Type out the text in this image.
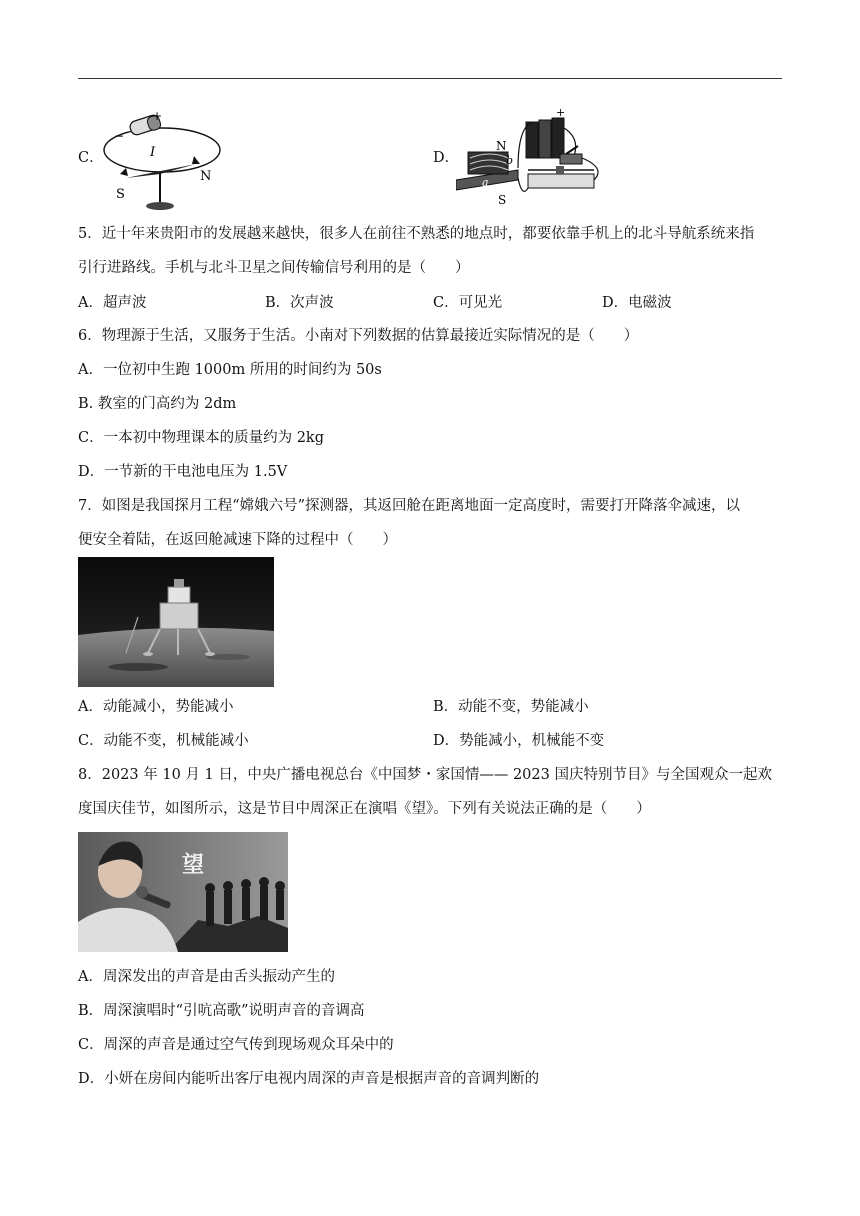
C．
+
−
I
S
N
D．
N
S
a
b
+
5．近十年来贵阳市的发展越来越快，很多人在前往不熟悉的地点时，都要依靠手机上的北斗导航系统来指
引行进路线。手机与北斗卫星之间传输信号利用的是（　　）
A．超声波	B．次声波	C．可见光	D．电磁波
6．物理源于生活，又服务于生活。小南对下列数据的估算最接近实际情况的是（　　）
A．一位初中生跑 1000m 所用的时间约为 50s
B. 教室的门高约为 2dm
C．一本初中物理课本的质量约为 2kg
D．一节新的干电池电压为 1.5V
7．如图是我国探月工程“嫦娥六号”探测器，其返回舱在距离地面一定高度时，需要打开降落伞减速，以
便安全着陆，在返回舱减速下降的过程中（　　）
A．动能减小，势能减小	B．动能不变，势能减小
C．动能不变，机械能减小	D．势能减小，机械能不变
8．2023 年 10 月 1 日，中央广播电视总台《中国梦・家国情—— 2023 国庆特别节目》与全国观众一起欢
度国庆佳节，如图所示，这是节目中周深正在演唱《望》。下列有关说法正确的是（　　）
望
A．周深发出的声音是由舌头振动产生的
B．周深演唱时“引吭高歌”说明声音的音调高
C．周深的声音是通过空气传到现场观众耳朵中的
D．小妍在房间内能听出客厅电视内周深的声音是根据声音的音调判断的
